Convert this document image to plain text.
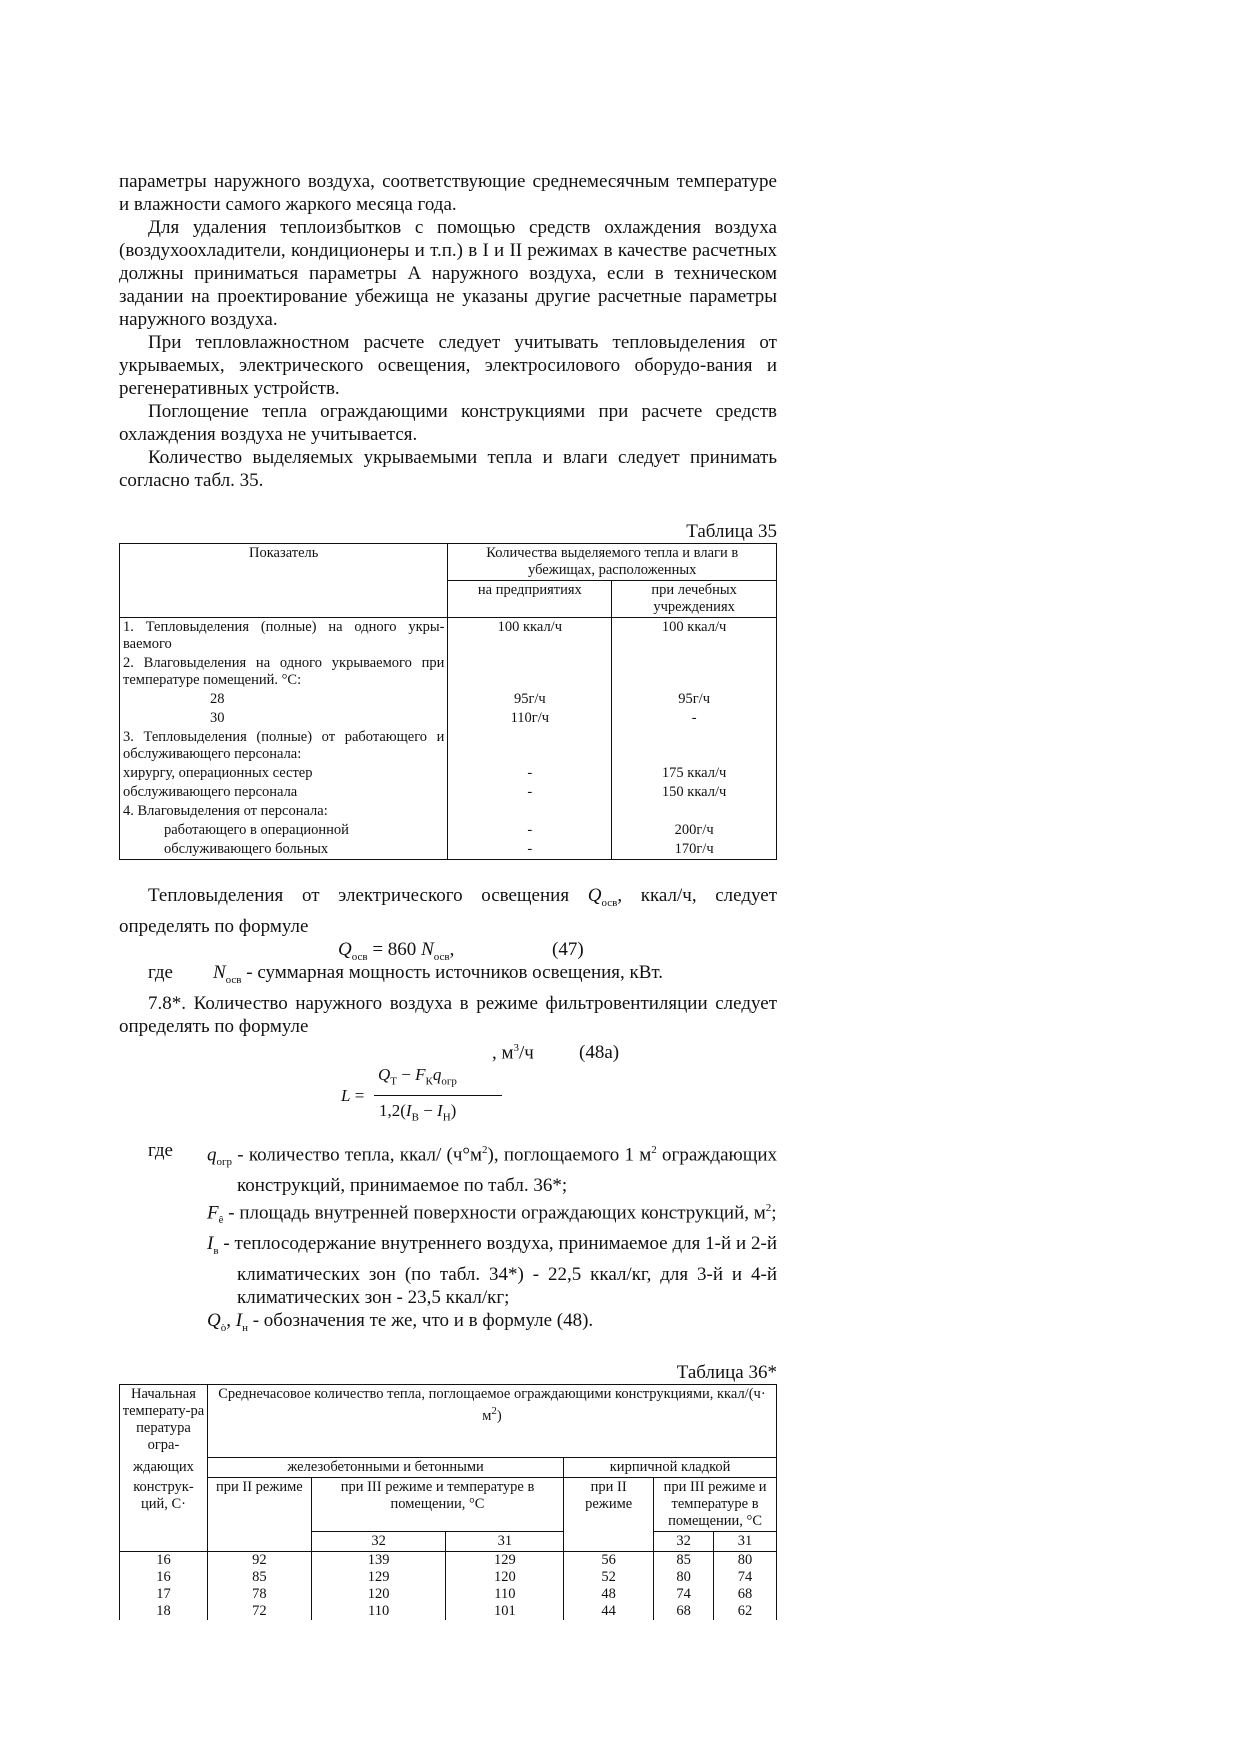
параметры наружного воздуха, соответствующие среднемесячным температуре и влажности самого жаркого месяца года.

Для удаления теплоизбытков с помощью средств охлаждения воздуха (воздухоохладители, кондиционеры и т.п.) в I и II режимах в качестве расчетных должны приниматься параметры А наружного воздуха, если в техническом задании на проектирование убежища не указаны другие расчетные параметры наружного воздуха.

При тепловлажностном расчете следует учитывать тепловыделения от укрываемых, электрического освещения, электросилового оборудо-вания и регенеративных устройств.

Поглощение тепла ограждающими конструкциями при расчете средств охлаждения воздуха не учитывается.

Количество выделяемых укрываемыми тепла и влаги следует принимать согласно табл. 35.

Таблица 35
Показатель	Количества выделяемого тепла и влаги в убежищах, расположенных	
	на предприятиях	при лечебных учреждениях
1. Тепловыделения (полные) на одного укры-ваемого	100 ккал/ч	100 ккал/ч
2. Влаговыделения на одного укрываемого при температуре помещений. °С:		
28	95г/ч	95г/ч
30	110г/ч	-
3. Тепловыделения (полные) от работающего и обслуживающего персонала:		
хирургу, операционных сестер	-	175 ккал/ч
обслуживающего персонала	-	150 ккал/ч
4. Влаговыделения от персонала:		
работающего в операционной	-	200г/ч
обслуживающего больных	-	170г/ч

Тепловыделения от электрического освещения $Q_{осв}$, ккал/ч, следует определять по формуле

$Q_{осв} = 860$ $N_{осв}$,	(47)
где $N_{осв}$ - суммарная мощность источников освещения, кВт.

7.8*. Количество наружного воздуха в режиме фильтровентиляции следует определять по формуле

, $м^3/ч$ (48а)
L =
$Q_Т - F_Кq_{огр}$
$1,2(I_В - I_Н)$
где $q_{огр}$ - количество тепла, ккал/ $(ч^\circ м^2)$, поглощаемого 1 $м^2$ ограждающих конструкций, принимаемое по табл. 36*;
$F_ê$ - площадь внутренней поверхности ограждающих конструкций, $м^2$;
$I_в$ - теплосодержание внутреннего воздуха, принимаемое для 1-й и 2-й климатических зон (по табл. 34*) - 22,5 ккал/кг, для 3-й и 4-й климатических зон - 23,5 ккал/кг;
$Q_ò$, $I_н$ - обозначения те же, что и в формуле (48).
Таблица 36*
Начальная температу-ра пература огра-	Среднечасовое количество тепла, поглощаемое ограждающими конструкциями, ккал/(ч· $м^2$)					
ждающих	железобетонными и бетонными			кирпичной кладкой		
конструк-ций, С·	при II режиме	при III режиме и температуре в помещении, °С		при II режиме	при III режиме и температуре в помещении, °С	
		32	31		32	31
16	92	139	129	56	85	80
16	85	129	120	52	80	74
17	78	120	110	48	74	68
18	72	110	101	44	68	62
